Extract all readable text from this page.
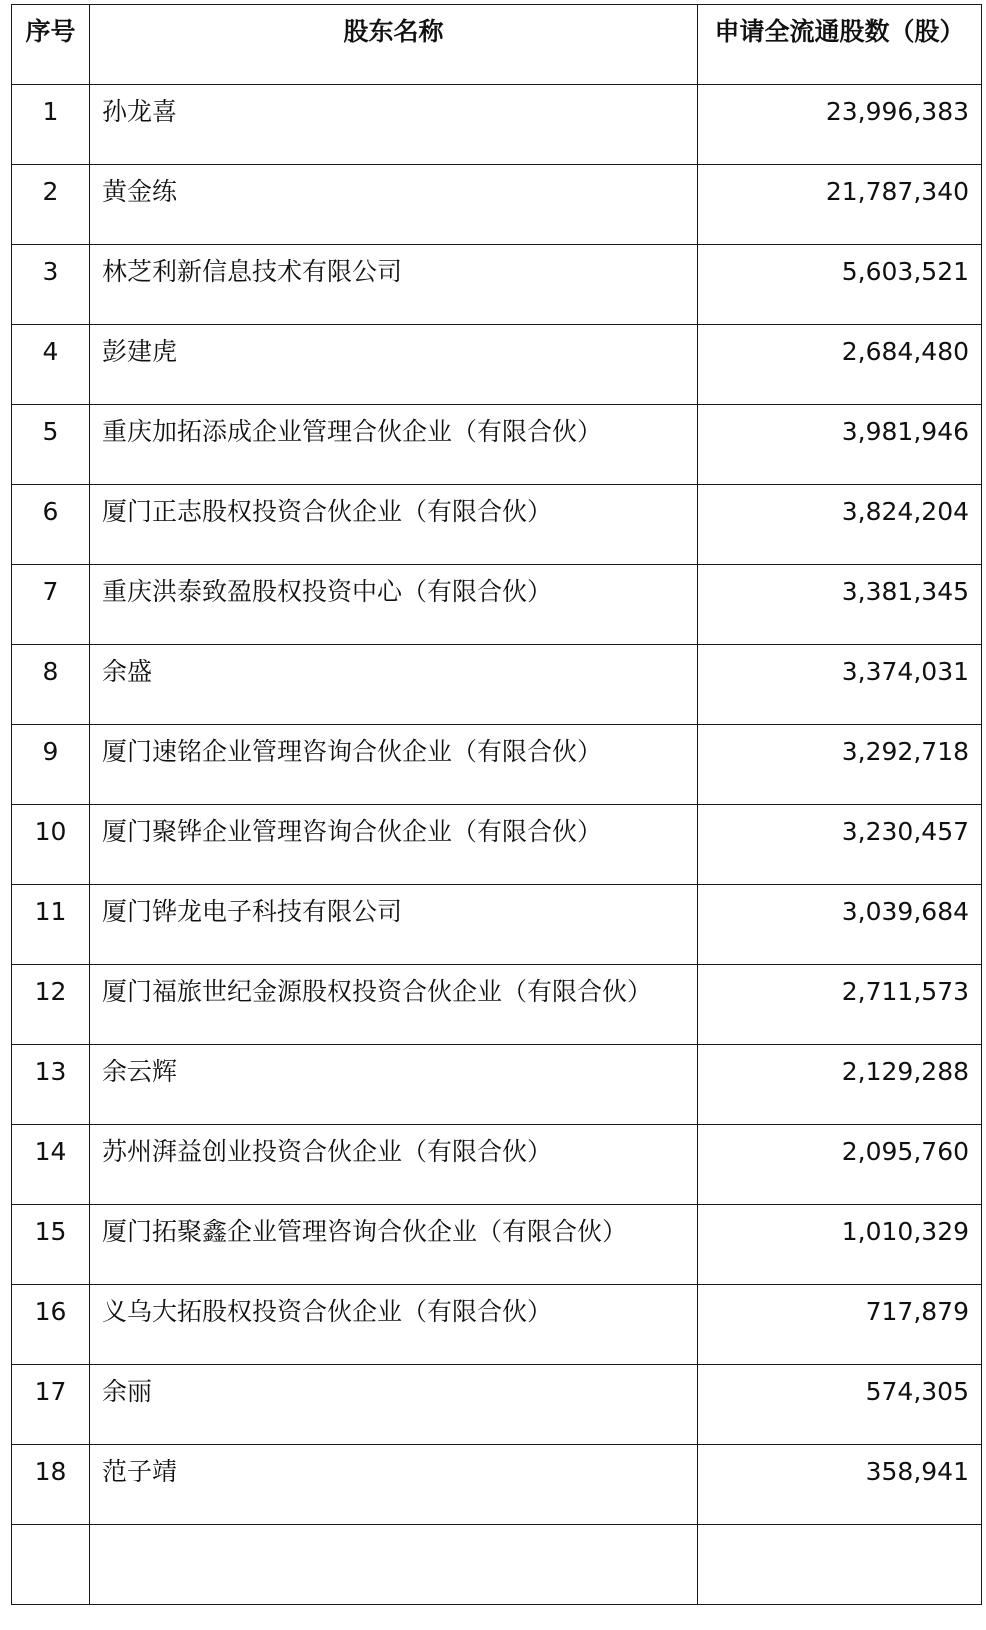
序号	股东名称	申请全流通股数（股）
1	孙龙喜	23,996,383
2	黄金练	21,787,340
3	林芝利新信息技术有限公司	5,603,521
4	彭建虎	2,684,480
5	重庆加拓添成企业管理合伙企业（有限合伙）	3,981,946
6	厦门正志股权投资合伙企业（有限合伙）	3,824,204
7	重庆洪泰致盈股权投资中心（有限合伙）	3,381,345
8	余盛	3,374,031
9	厦门速铭企业管理咨询合伙企业（有限合伙）	3,292,718
10	厦门聚铧企业管理咨询合伙企业（有限合伙）	3,230,457
11	厦门铧龙电子科技有限公司	3,039,684
12	厦门福旅世纪金源股权投资合伙企业（有限合伙）	2,711,573
13	余云辉	2,129,288
14	苏州湃益创业投资合伙企业（有限合伙）	2,095,760
15	厦门拓聚鑫企业管理咨询合伙企业（有限合伙）	1,010,329
16	义乌大拓股权投资合伙企业（有限合伙）	717,879
17	余丽	574,305
18	范子靖	358,941
